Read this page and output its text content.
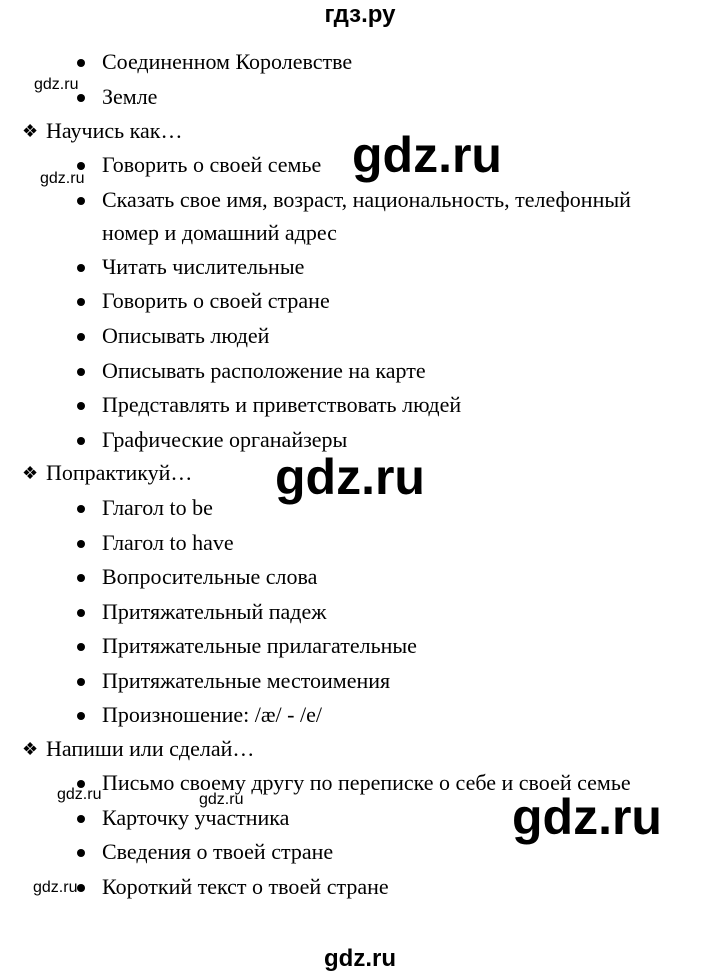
гдз.ру
Соединенном Королевстве
Земле
❖ Научись как…
Говорить о своей семье
Сказать свое имя, возраст, национальность, телефонный
номер и домашний адрес
Читать числительные
Говорить о своей стране
Описывать людей
Описывать расположение на карте
Представлять и приветствовать людей
Графические органайзеры
❖ Попрактикуй…
Глагол to be
Глагол to have
Вопросительные слова
Притяжательный падеж
Притяжательные прилагательные
Притяжательные местоимения
Произношение: /æ/ - /e/
❖ Напиши или сделай…
Письмо своему другу по переписке о себе и своей семье
Карточку участника
Сведения о твоей стране
Короткий текст о твоей стране
gdz.ru
gdz.ru
gdz.ru	gdz.ru
gdz.ru
gdz.ru
gdz.ru
gdz.ru
gdz.ru
